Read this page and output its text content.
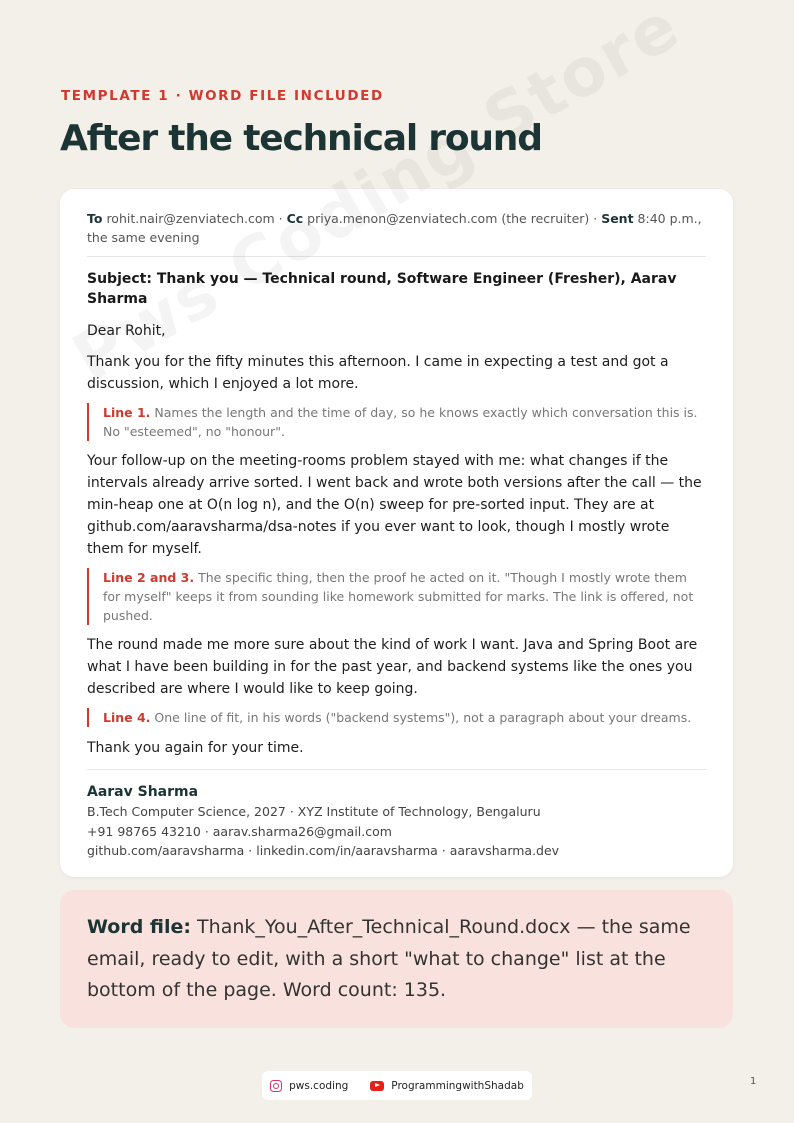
TEMPLATE 1 · WORD FILE INCLUDED
After the technical round
To rohit.nair@zenviatech.com · Cc priya.menon@zenviatech.com (the recruiter) · Sent 8:40 p.m., the same evening
Subject: Thank you — Technical round, Software Engineer (Fresher), Aarav Sharma
Dear Rohit,
Thank you for the fifty minutes this afternoon. I came in expecting a test and got a discussion, which I enjoyed a lot more.
Line 1. Names the length and the time of day, so he knows exactly which conversation this is. No "esteemed", no "honour".
Your follow-up on the meeting-rooms problem stayed with me: what changes if the intervals already arrive sorted. I went back and wrote both versions after the call — the min-heap one at O(n log n), and the O(n) sweep for pre-sorted input. They are at github.com/aaravsharma/dsa-notes if you ever want to look, though I mostly wrote them for myself.
Line 2 and 3. The specific thing, then the proof he acted on it. "Though I mostly wrote them for myself" keeps it from sounding like homework submitted for marks. The link is offered, not pushed.
The round made me more sure about the kind of work I want. Java and Spring Boot are what I have been building in for the past year, and backend systems like the ones you described are where I would like to keep going.
Line 4. One line of fit, in his words ("backend systems"), not a paragraph about your dreams.
Thank you again for your time.
Aarav Sharma
B.Tech Computer Science, 2027 · XYZ Institute of Technology, Bengaluru
+91 98765 43210 · aarav.sharma26@gmail.com
github.com/aaravsharma · linkedin.com/in/aaravsharma · aaravsharma.dev
Word file: Thank_You_After_Technical_Round.docx — the same email, ready to edit, with a short "what to change" list at the bottom of the page. Word count: 135.
pws.coding	ProgrammingwithShadab	1
